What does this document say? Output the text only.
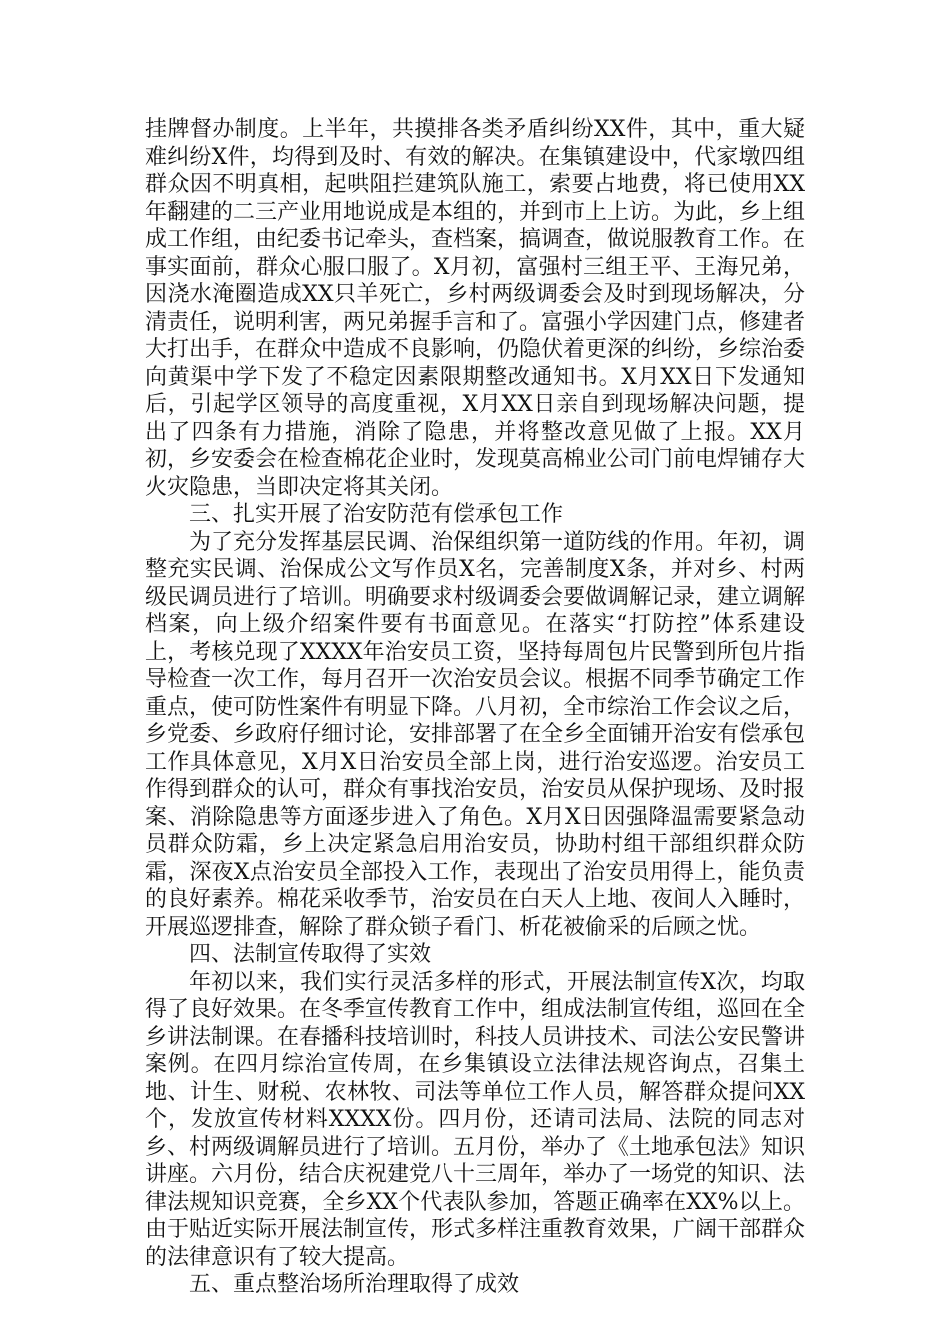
挂牌督办制度。上半年，共摸排各类矛盾纠纷XX件，其中，重大疑难纠纷X件，均得到及时、有效的解决。在集镇建设中，代家墩四组群众因不明真相，起哄阻拦建筑队施工，索要占地费，将已使用XX年翻建的二三产业用地说成是本组的，并到市上上访。为此，乡上组成工作组，由纪委书记牵头，查档案，搞调查，做说服教育工作。在事实面前，群众心服口服了。X月初，富强村三组王平、王海兄弟，因浇水淹圈造成XX只羊死亡，乡村两级调委会及时到现场解决，分清责任，说明利害，两兄弟握手言和了。富强小学因建门点，修建者大打出手，在群众中造成不良影响，仍隐伏着更深的纠纷，乡综治委向黄渠中学下发了不稳定因素限期整改通知书。X月XX日下发通知后，引起学区领导的高度重视，X月XX日亲自到现场解决问题，提出了四条有力措施，消除了隐患，并将整改意见做了上报。XX月初，乡安委会在检查棉花企业时，发现莫高棉业公司门前电焊铺存大火灾隐患，当即决定将其关闭。

三、扎实开展了治安防范有偿承包工作

为了充分发挥基层民调、治保组织第一道防线的作用。年初，调整充实民调、治保成公文写作员X名，完善制度X条，并对乡、村两级民调员进行了培训。明确要求村级调委会要做调解记录，建立调解档案，向上级介绍案件要有书面意见。在落实“打防控”体系建设上，考核兑现了XXXX年治安员工资，坚持每周包片民警到所包片指导检查一次工作，每月召开一次治安员会议。根据不同季节确定工作重点，使可防性案件有明显下降。八月初，全市综治工作会议之后，乡党委、乡政府仔细讨论，安排部署了在全乡全面铺开治安有偿承包工作具体意见，X月X日治安员全部上岗，进行治安巡逻。治安员工作得到群众的认可，群众有事找治安员，治安员从保护现场、及时报案、消除隐患等方面逐步进入了角色。X月X日因强降温需要紧急动员群众防霜，乡上决定紧急启用治安员，协助村组干部组织群众防霜，深夜X点治安员全部投入工作，表现出了治安员用得上，能负责的良好素养。棉花采收季节，治安员在白天人上地、夜间人入睡时，开展巡逻排查，解除了群众锁子看门、析花被偷采的后顾之忧。

四、法制宣传取得了实效

年初以来，我们实行灵活多样的形式，开展法制宣传X次，均取得了良好效果。在冬季宣传教育工作中，组成法制宣传组，巡回在全乡讲法制课。在春播科技培训时，科技人员讲技术、司法公安民警讲案例。在四月综治宣传周，在乡集镇设立法律法规咨询点，召集土地、计生、财税、农林牧、司法等单位工作人员，解答群众提问XX个，发放宣传材料XXXX份。四月份，还请司法局、法院的同志对乡、村两级调解员进行了培训。五月份，举办了《土地承包法》知识讲座。六月份，结合庆祝建党八十三周年，举办了一场党的知识、法律法规知识竞赛，全乡XX个代表队参加，答题正确率在XX%以上。由于贴近实际开展法制宣传，形式多样注重教育效果，广阔干部群众的法律意识有了较大提高。

五、重点整治场所治理取得了成效
